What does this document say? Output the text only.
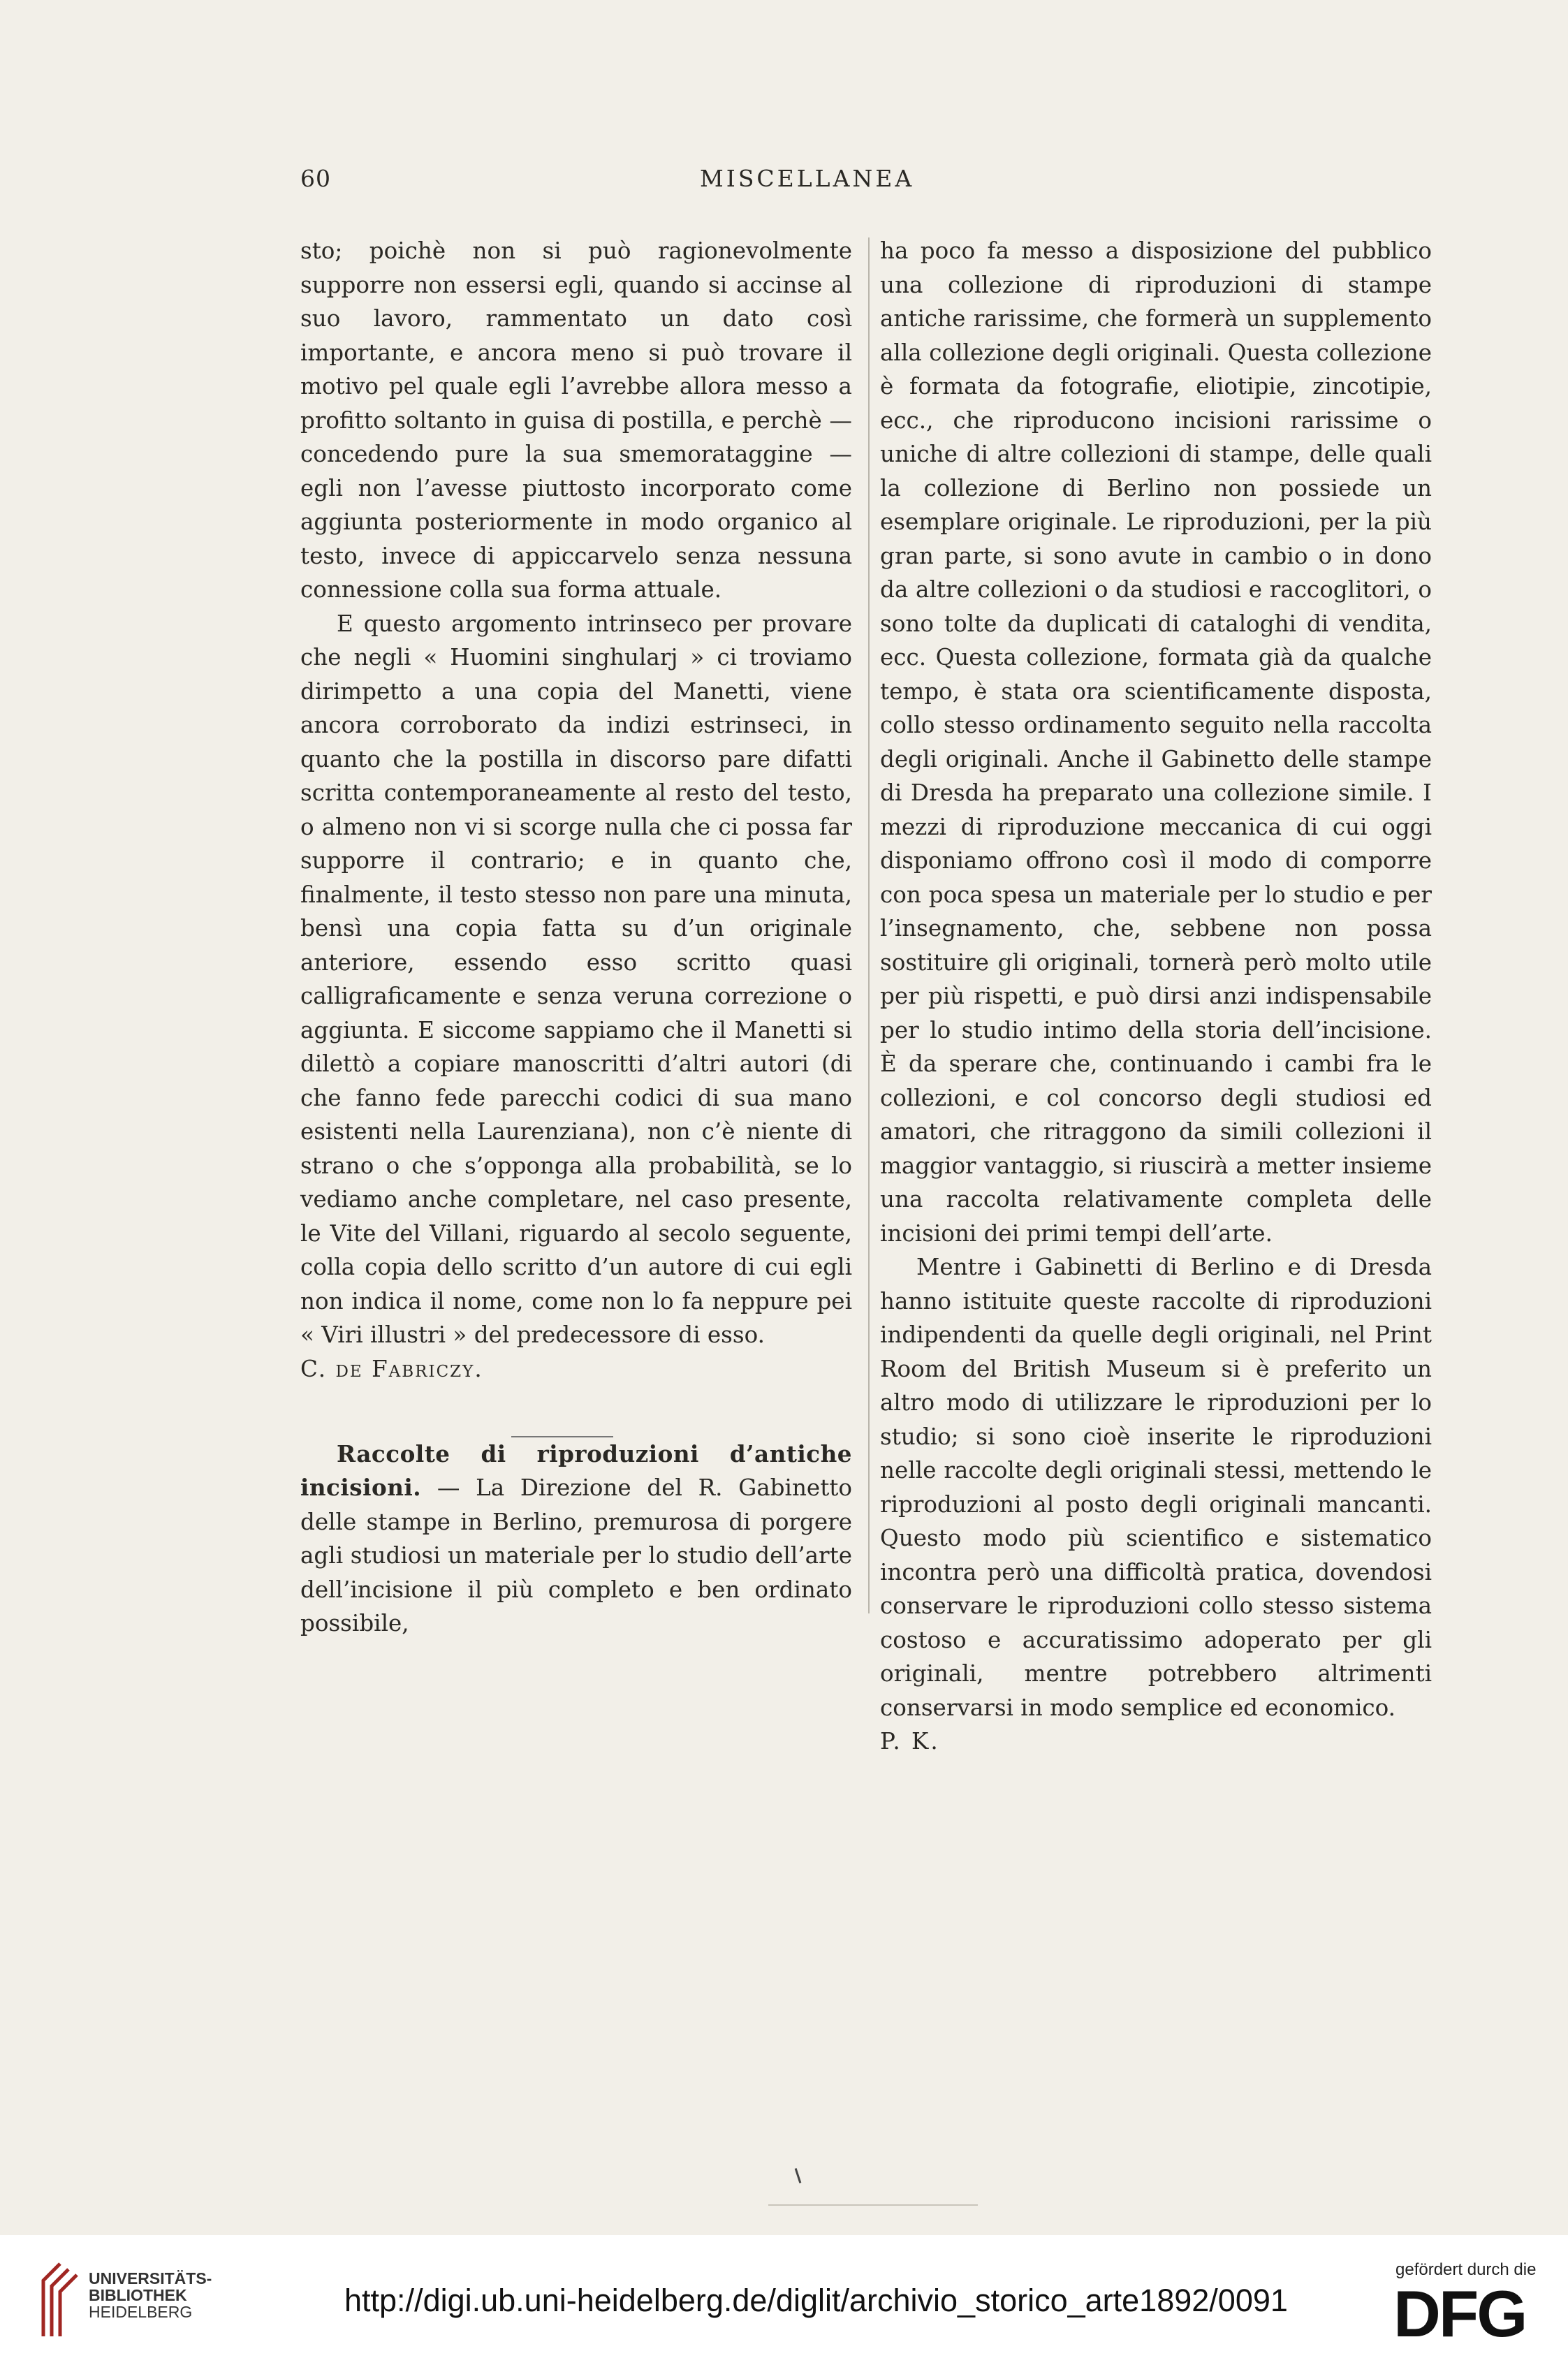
60	MISCELLANEA

sto; poichè non si può ragionevolmente supporre non essersi egli, quando si accinse al suo lavoro, rammentato un dato così importante, e ancora meno si può trovare il motivo pel quale egli l’avrebbe allora messo a profitto soltanto in guisa di postilla, e perchè — concedendo pure la sua smemorataggine — egli non l’avesse piuttosto incorporato come aggiunta posteriormente in modo organico al testo, invece di appiccarvelo senza nessuna connessione colla sua forma attuale.

E questo argomento intrinseco per provare che negli « Huomini singhularj » ci troviamo dirimpetto a una copia del Manetti, viene ancora corroborato da indizi estrinseci, in quanto che la postilla in discorso pare difatti scritta contemporaneamente al resto del testo, o almeno non vi si scorge nulla che ci possa far supporre il contrario; e in quanto che, finalmente, il testo stesso non pare una minuta, bensì una copia fatta su d’un originale anteriore, essendo esso scritto quasi calligraficamente e senza veruna correzione o aggiunta. E siccome sappiamo che il Manetti si dilettò a copiare manoscritti d’altri autori (di che fanno fede parecchi codici di sua mano esistenti nella Laurenziana), non c’è niente di strano o che s’opponga alla probabilità, se lo vediamo anche completare, nel caso presente, le Vite del Villani, riguardo al secolo seguente, colla copia dello scritto d’un autore di cui egli non indica il nome, come non lo fa neppure pei « Viri illustri » del predecessore di esso.

C. de Fabriczy.

Raccolte di riproduzioni d’antiche incisioni. — La Direzione del R. Gabinetto delle stampe in Berlino, premurosa di porgere agli studiosi un materiale per lo studio dell’arte dell’incisione il più completo e ben ordinato possibile,

ha poco fa messo a disposizione del pubblico una collezione di riproduzioni di stampe antiche rarissime, che formerà un supplemento alla collezione degli originali. Questa collezione è formata da fotografie, eliotipie, zincotipie, ecc., che riproducono incisioni rarissime o uniche di altre collezioni di stampe, delle quali la collezione di Berlino non possiede un esemplare originale. Le riproduzioni, per la più gran parte, si sono avute in cambio o in dono da altre collezioni o da studiosi e raccoglitori, o sono tolte da duplicati di cataloghi di vendita, ecc. Questa collezione, formata già da qualche tempo, è stata ora scientificamente disposta, collo stesso ordinamento seguito nella raccolta degli originali. Anche il Gabinetto delle stampe di Dresda ha preparato una collezione simile. I mezzi di riproduzione meccanica di cui oggi disponiamo offrono così il modo di comporre con poca spesa un materiale per lo studio e per l’insegnamento, che, sebbene non possa sostituire gli originali, tornerà però molto utile per più rispetti, e può dirsi anzi indispensabile per lo studio intimo della storia dell’incisione. È da sperare che, continuando i cambi fra le collezioni, e col concorso degli studiosi ed amatori, che ritraggono da simili collezioni il maggior vantaggio, si riuscirà a metter insieme una raccolta relativamente completa delle incisioni dei primi tempi dell’arte.

Mentre i Gabinetti di Berlino e di Dresda hanno istituite queste raccolte di riproduzioni indipendenti da quelle degli originali, nel Print Room del British Museum si è preferito un altro modo di utilizzare le riproduzioni per lo studio; si sono cioè inserite le riproduzioni nelle raccolte degli originali stessi, mettendo le riproduzioni al posto degli originali mancanti. Questo modo più scientifico e sistematico incontra però una difficoltà pratica, dovendosi conservare le riproduzioni collo stesso sistema costoso e accuratissimo adoperato per gli originali, mentre potrebbero altrimenti conservarsi in modo semplice ed economico.

P. K.

UNIVERSITÄTS-
BIBLIOTHEK
HEIDELBERG	http://digi.ub.uni-heidelberg.de/diglit/archivio_storico_arte1892/0091
gefördert durch die
DFG
